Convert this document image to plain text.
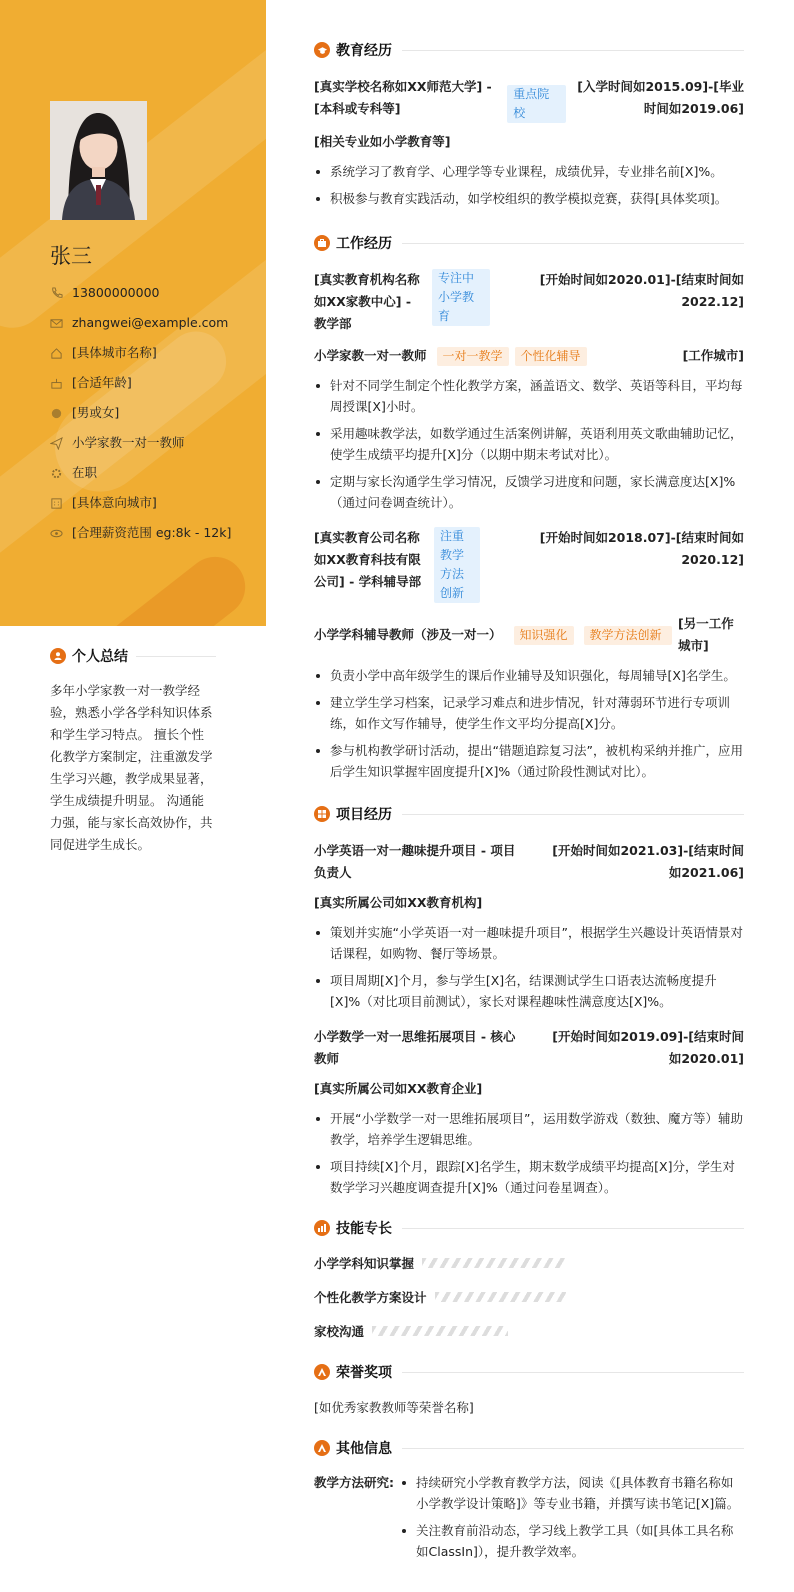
张三
13800000000
zhangwei@example.com
[具体城市名称]
[合适年龄]
[男或女]
小学家教一对一教师
在职
[具体意向城市]
[合理薪资范围 eg:8k - 12k]
个人总结
多年小学家教一对一教学经验，熟悉小学各学科知识体系和学生学习特点。 擅长个性化教学方案制定，注重激发学生学习兴趣，教学成果显著，学生成绩提升明显。 沟通能力强，能与家长高效协作，共同促进学生成长。
教育经历
[真实学校名称如XX师范大学] - [本科或专科等]
重点院校
[入学时间如2015.09]-[毕业时间如2019.06]
[相关专业如小学教育等]
系统学习了教育学、心理学等专业课程，成绩优异，专业排名前[X]%。
积极参与教育实践活动，如学校组织的教学模拟竞赛，获得[具体奖项]。
工作经历
[真实教育机构名称如XX家教中心] - 教学部
专注中小学教育
[开始时间如2020.01]-[结束时间如2022.12]
小学家教一对一教师	一对一教学	个性化辅导	[工作城市]
针对不同学生制定个性化教学方案，涵盖语文、数学、英语等科目，平均每周授课[X]小时。
采用趣味教学法，如数学通过生活案例讲解，英语利用英文歌曲辅助记忆，使学生成绩平均提升[X]分（以期中期末考试对比）。
定期与家长沟通学生学习情况，反馈学习进度和问题，家长满意度达[X]%（通过问卷调查统计）。
[真实教育公司名称如XX教育科技有限公司] - 学科辅导部
注重教学方法创新
[开始时间如2018.07]-[结束时间如2020.12]
小学学科辅导教师（涉及一对一）	知识强化	教学方法创新
[另一工作城市]
负责小学中高年级学生的课后作业辅导及知识强化，每周辅导[X]名学生。
建立学生学习档案，记录学习难点和进步情况，针对薄弱环节进行专项训练，如作文写作辅导，使学生作文平均分提高[X]分。
参与机构教学研讨活动，提出“错题追踪复习法”，被机构采纳并推广，应用后学生知识掌握牢固度提升[X]%（通过阶段性测试对比）。
项目经历
小学英语一对一趣味提升项目 - 项目负责人
[开始时间如2021.03]-[结束时间如2021.06]
[真实所属公司如XX教育机构]
策划并实施“小学英语一对一趣味提升项目”，根据学生兴趣设计英语情景对话课程，如购物、餐厅等场景。
项目周期[X]个月，参与学生[X]名，结课测试学生口语表达流畅度提升[X]%（对比项目前测试），家长对课程趣味性满意度达[X]%。
小学数学一对一思维拓展项目 - 核心教师
[开始时间如2019.09]-[结束时间如2020.01]
[真实所属公司如XX教育企业]
开展“小学数学一对一思维拓展项目”，运用数学游戏（数独、魔方等）辅助教学，培养学生逻辑思维。
项目持续[X]个月，跟踪[X]名学生，期末数学成绩平均提高[X]分，学生对数学学习兴趣度调查提升[X]%（通过问卷星调查）。
技能专长
小学学科知识掌握
个性化教学方案设计
家校沟通
荣誉奖项
[如优秀家教教师等荣誉名称]
其他信息
教学方法研究:	持续研究小学教育教学方法，阅读《[具体教育书籍名称如小学教学设计策略]》等专业书籍，并撰写读书笔记[X]篇。
关注教育前沿动态，学习线上教学工具（如[具体工具名称如ClassIn]），提升教学效率。
